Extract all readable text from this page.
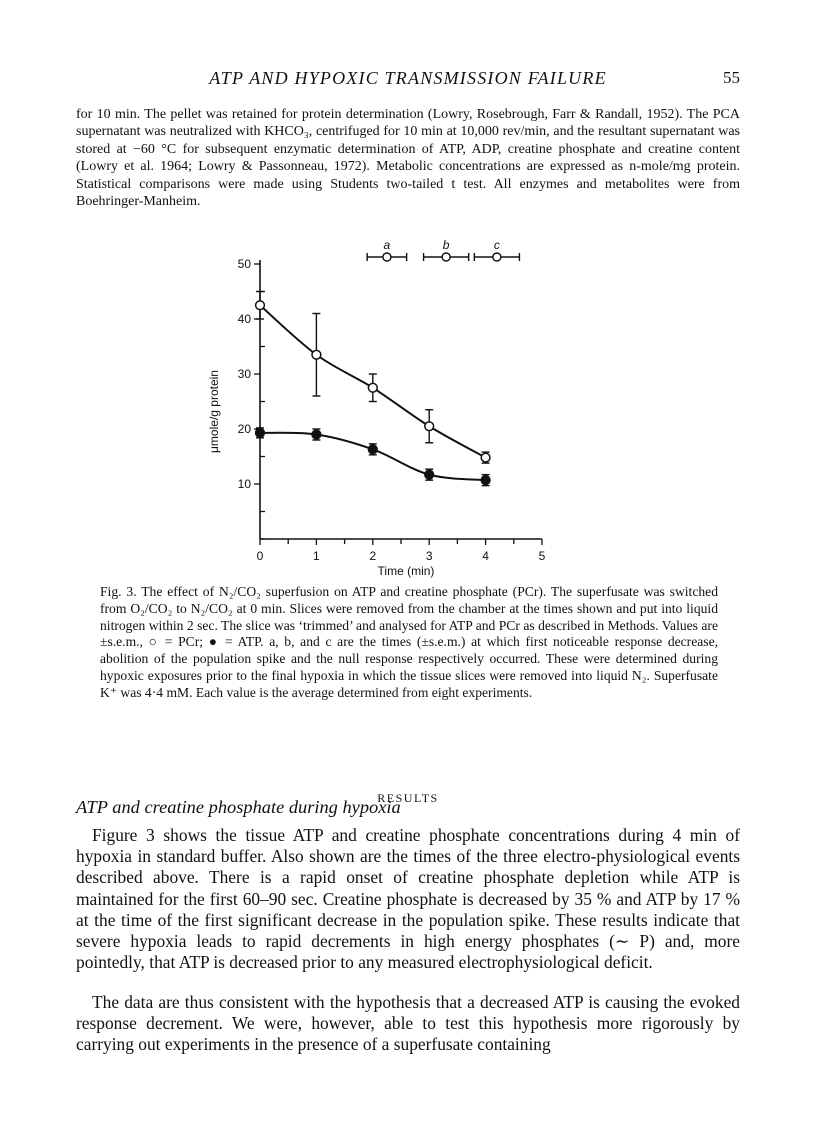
ATP AND HYPOXIC TRANSMISSION FAILURE	55
for 10 min. The pellet was retained for protein determination (Lowry, Rosebrough, Farr & Randall, 1952). The PCA supernatant was neutralized with KHCO₃, centrifuged for 10 min at 10,000 rev/min, and the resultant supernatant was stored at −60 °C for subsequent enzymatic determination of ATP, ADP, creatine phosphate and creatine content (Lowry et al. 1964; Lowry & Passonneau, 1972). Metabolic concentrations are expressed as n-mole/mg protein. Statistical comparisons were made using Students two-tailed t test. All enzymes and metabolites were from Boehringer-Manheim.
10
20
30
40
50
0	1	2	3	4	5
Time (min)
μmole/g protein
a	b	c
Fig. 3. The effect of N₂/CO₂ superfusion on ATP and creatine phosphate (PCr). The superfusate was switched from O₂/CO₂ to N₂/CO₂ at 0 min. Slices were removed from the chamber at the times shown and put into liquid nitrogen within 2 sec. The slice was ‘trimmed’ and analysed for ATP and PCr as described in Methods. Values are ±s.e.m., ○ = PCr; ● = ATP. a, b, and c are the times (±s.e.m.) at which first noticeable response decrease, abolition of the population spike and the null response respectively occurred. These were determined during hypoxic exposures prior to the final hypoxia in which the tissue slices were removed into liquid N₂. Superfusate K⁺ was 4·4 mM. Each value is the average determined from eight experiments.
RESULTS
ATP and creatine phosphate during hypoxia
Figure 3 shows the tissue ATP and creatine phosphate concentrations during 4 min of hypoxia in standard buffer. Also shown are the times of the three electro-physiological events described above. There is a rapid onset of creatine phosphate depletion while ATP is maintained for the first 60–90 sec. Creatine phosphate is decreased by 35 % and ATP by 17 % at the time of the first significant decrease in the population spike. These results indicate that severe hypoxia leads to rapid decrements in high energy phosphates (∼ P) and, more pointedly, that ATP is decreased prior to any measured electrophysiological deficit.
The data are thus consistent with the hypothesis that a decreased ATP is causing the evoked response decrement. We were, however, able to test this hypothesis more rigorously by carrying out experiments in the presence of a superfusate containing
